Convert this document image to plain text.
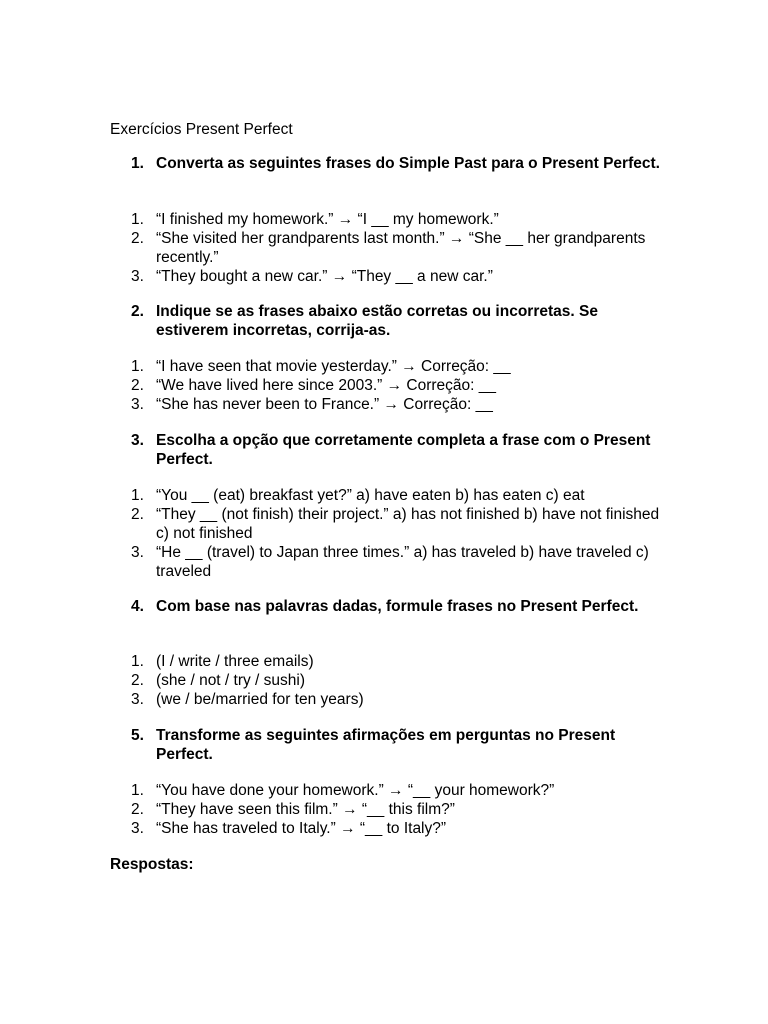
Exercícios Present Perfect
1. Converta as seguintes frases do Simple Past para o Present Perfect.
1. “I finished my homework.” → “I __ my homework.”
2. “She visited her grandparents last month.” → “She __ her grandparents recently.”
3. “They bought a new car.” → “They __ a new car.”
2. Indique se as frases abaixo estão corretas ou incorretas. Se estiverem incorretas, corrija-as.
1. “I have seen that movie yesterday.” → Correção: __
2. “We have lived here since 2003.” → Correção: __
3. “She has never been to France.” → Correção: __
3. Escolha a opção que corretamente completa a frase com o Present Perfect.
1. “You __ (eat) breakfast yet?” a) have eaten b) has eaten c) eat
2. “They __ (not finish) their project.” a) has not finished b) have not finished c) not finished
3. “He __ (travel) to Japan three times.” a) has traveled b) have traveled c) traveled
4. Com base nas palavras dadas, formule frases no Present Perfect.
1. (I / write / three emails)
2. (she / not / try / sushi)
3. (we / be/married for ten years)
5. Transforme as seguintes afirmações em perguntas no Present Perfect.
1. “You have done your homework.” → “__ your homework?”
2. “They have seen this film.” → “__ this film?”
3. “She has traveled to Italy.” → “__ to Italy?”
Respostas:
